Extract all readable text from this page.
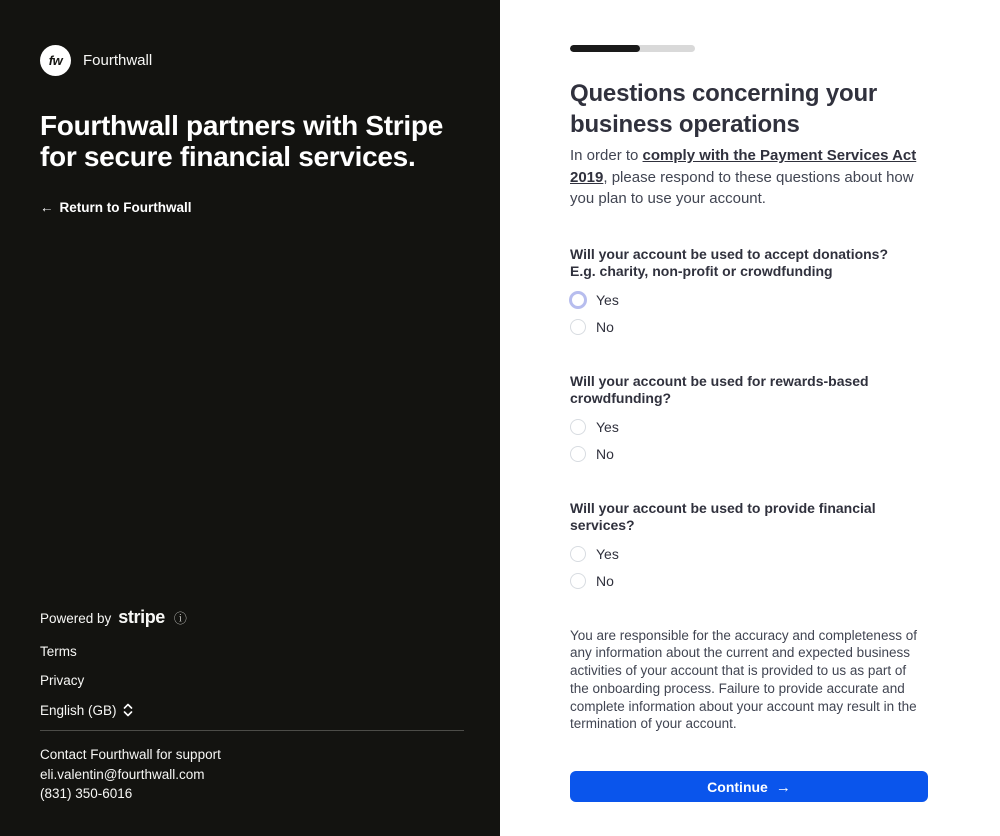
fw Fourthwall
Fourthwall partners with Stripe for secure financial services.
← Return to Fourthwall
Powered by stripe ⓘ
Terms
Privacy
English (GB)
Contact Fourthwall for support
eli.valentin@fourthwall.com
(831) 350-6016
Questions concerning your business operations

In order to comply with the Payment Services Act 2019, please respond to these questions about how you plan to use your account.

Will your account be used to accept donations? E.g. charity, non-profit or crowdfunding
Yes
No
Will your account be used for rewards-based crowdfunding?
Yes
No
Will your account be used to provide financial services?
Yes
No

You are responsible for the accuracy and completeness of any information about the current and expected business activities of your account that is provided to us as part of the onboarding process. Failure to provide accurate and complete information about your account may result in the termination of your account.

Continue →
